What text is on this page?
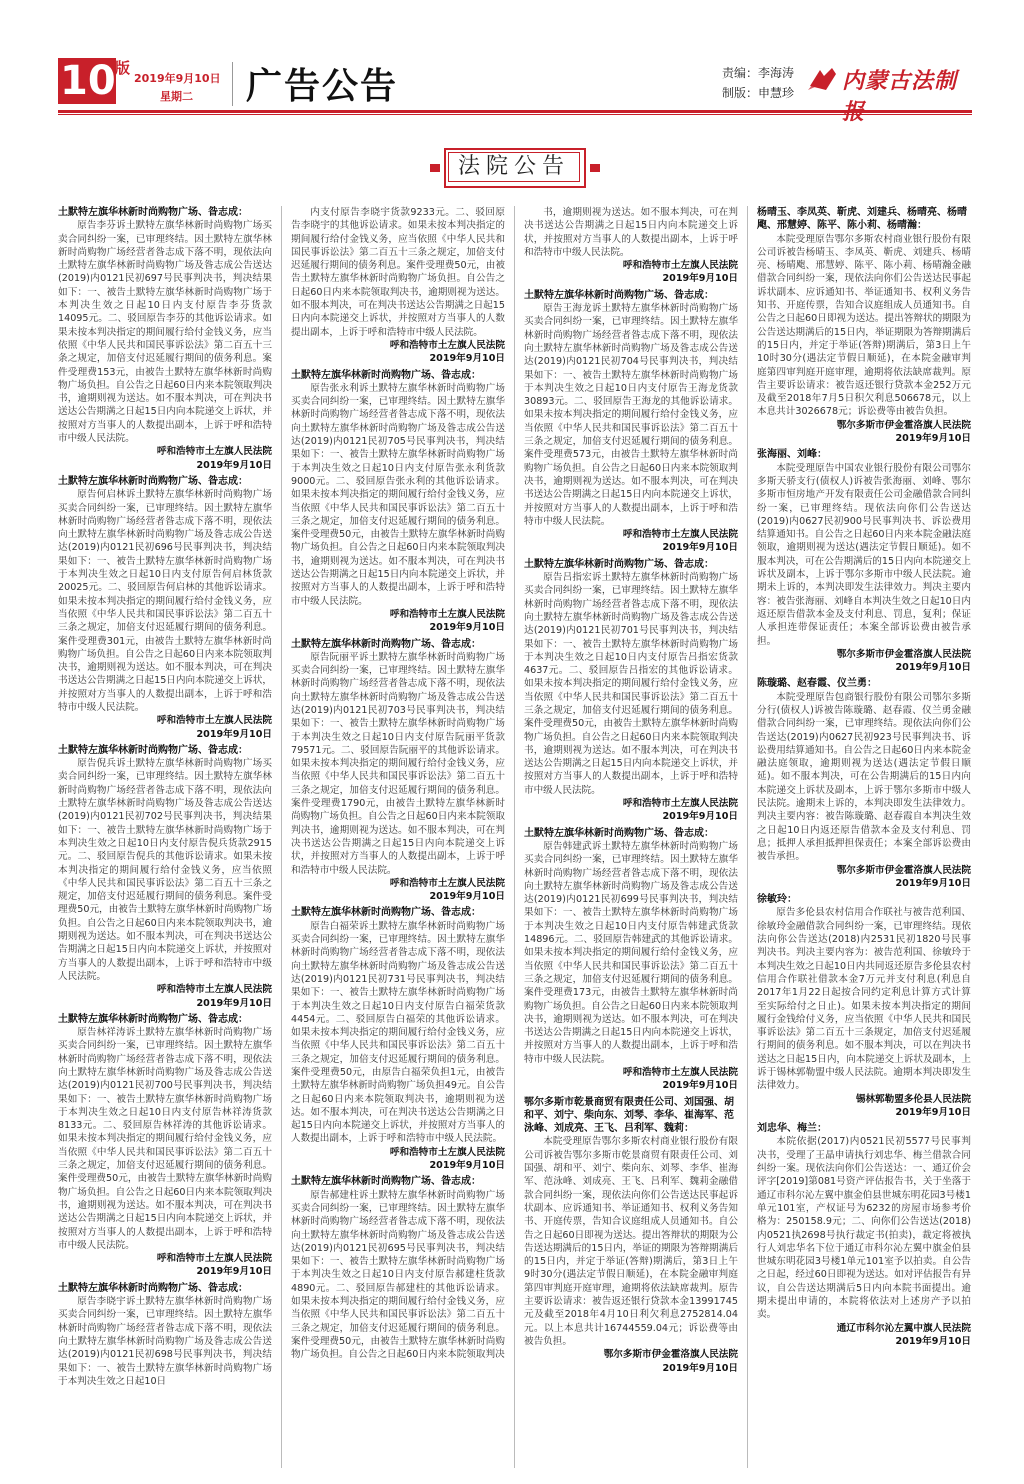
10
版
2019年9月10日
星期二 广告公告	责编：李海涛
制版：申慧珍 内蒙古法制报
法院公告
土默特左旗华林新时尚购物广场、昝志成：

原告李芬诉土默特左旗华林新时尚购物广场买卖合同纠纷一案，已审理终结。因土默特左旗华林新时尚购物广场经营者昝志成下落不明，现依法向土默特左旗华林新时尚购物广场及昝志成公告送达(2019)内0121民初697号民事判决书，判决结果如下：一、被告土默特左旗华林新时尚购物广场于本判决生效之日起10日内支付原告李芬货款14095元。二、驳回原告李芬的其他诉讼请求。如果未按本判决指定的期间履行给付金钱义务，应当依照《中华人民共和国民事诉讼法》第二百五十三条之规定，加倍支付迟延履行期间的债务利息。案件受理费153元，由被告土默特左旗华林新时尚购物广场负担。自公告之日起60日内来本院领取判决书，逾期则视为送达。如不服本判决，可在判决书送达公告期满之日起15日内向本院递交上诉状，并按照对方当事人的人数提出副本，上诉于呼和浩特市中级人民法院。

呼和浩特市土左旗人民法院

2019年9月10日

土默特左旗华林新时尚购物广场、昝志成：

原告何启林诉土默特左旗华林新时尚购物广场买卖合同纠纷一案，已审理终结。因土默特左旗华林新时尚购物广场经营者昝志成下落不明，现依法向土默特左旗华林新时尚购物广场及昝志成公告送达(2019)内0121民初696号民事判决书，判决结果如下：一、被告土默特左旗华林新时尚购物广场于本判决生效之日起10日内支付原告何启林货款20025元。二、驳回原告何启林的其他诉讼请求。如果未按本判决指定的期间履行给付金钱义务，应当依照《中华人民共和国民事诉讼法》第二百五十三条之规定，加倍支付迟延履行期间的债务利息。案件受理费301元，由被告土默特左旗华林新时尚购物广场负担。自公告之日起60日内来本院领取判决书，逾期则视为送达。如不服本判决，可在判决书送达公告期满之日起15日内向本院递交上诉状，并按照对方当事人的人数提出副本，上诉于呼和浩特市中级人民法院。

呼和浩特市土左旗人民法院

2019年9月10日

土默特左旗华林新时尚购物广场、昝志成：

原告倪兵诉土默特左旗华林新时尚购物广场买卖合同纠纷一案，已审理终结。因土默特左旗华林新时尚购物广场经营者昝志成下落不明，现依法向土默特左旗华林新时尚购物广场及昝志成公告送达(2019)内0121民初702号民事判决书，判决结果如下：一、被告土默特左旗华林新时尚购物广场于本判决生效之日起10日内支付原告倪兵货款2915元。二、驳回原告倪兵的其他诉讼请求。如果未按本判决指定的期间履行给付金钱义务，应当依照《中华人民共和国民事诉讼法》第二百五十三条之规定，加倍支付迟延履行期间的债务利息。案件受理费50元，由被告土默特左旗华林新时尚购物广场负担。自公告之日起60日内来本院领取判决书，逾期则视为送达。如不服本判决，可在判决书送达公告期满之日起15日内向本院递交上诉状，并按照对方当事人的人数提出副本，上诉于呼和浩特市中级人民法院。

呼和浩特市土左旗人民法院

2019年9月10日

土默特左旗华林新时尚购物广场、昝志成：

原告林祥涛诉土默特左旗华林新时尚购物广场买卖合同纠纷一案，已审理终结。因土默特左旗华林新时尚购物广场经营者昝志成下落不明，现依法向土默特左旗华林新时尚购物广场及昝志成公告送达(2019)内0121民初700号民事判决书，判决结果如下：一、被告土默特左旗华林新时尚购物广场于本判决生效之日起10日内支付原告林祥涛货款8133元。二、驳回原告林祥涛的其他诉讼请求。如果未按本判决指定的期间履行给付金钱义务，应当依照《中华人民共和国民事诉讼法》第二百五十三条之规定，加倍支付迟延履行期间的债务利息。案件受理费50元，由被告土默特左旗华林新时尚购物广场负担。自公告之日起60日内来本院领取判决书，逾期则视为送达。如不服本判决，可在判决书送达公告期满之日起15日内向本院递交上诉状，并按照对方当事人的人数提出副本，上诉于呼和浩特市中级人民法院。

呼和浩特市土左旗人民法院

2019年9月10日

土默特左旗华林新时尚购物广场、昝志成：

原告李晓宇诉土默特左旗华林新时尚购物广场买卖合同纠纷一案，已审理终结。因土默特左旗华林新时尚购物广场经营者昝志成下落不明，现依法向土默特左旗华林新时尚购物广场及昝志成公告送达(2019)内0121民初698号民事判决书，判决结果如下：一、被告土默特左旗华林新时尚购物广场于本判决生效之日起10日

内支付原告李晓宇货款9233元。二、驳回原告李晓宇的其他诉讼请求。如果未按本判决指定的期间履行给付金钱义务，应当依照《中华人民共和国民事诉讼法》第二百五十三条之规定，加倍支付迟延履行期间的债务利息。案件受理费50元，由被告土默特左旗华林新时尚购物广场负担。自公告之日起60日内来本院领取判决书，逾期则视为送达。如不服本判决，可在判决书送达公告期满之日起15日内向本院递交上诉状，并按照对方当事人的人数提出副本，上诉于呼和浩特市中级人民法院。

呼和浩特市土左旗人民法院

2019年9月10日

土默特左旗华林新时尚购物广场、昝志成：

原告张永利诉土默特左旗华林新时尚购物广场买卖合同纠纷一案，已审理终结。因土默特左旗华林新时尚购物广场经营者昝志成下落不明，现依法向土默特左旗华林新时尚购物广场及昝志成公告送达(2019)内0121民初705号民事判决书，判决结果如下：一、被告土默特左旗华林新时尚购物广场于本判决生效之日起10日内支付原告张永利货款9000元。二、驳回原告张永利的其他诉讼请求。如果未按本判决指定的期间履行给付金钱义务，应当依照《中华人民共和国民事诉讼法》第二百五十三条之规定，加倍支付迟延履行期间的债务利息。案件受理费50元，由被告土默特左旗华林新时尚购物广场负担。自公告之日起60日内来本院领取判决书，逾期则视为送达。如不服本判决，可在判决书送达公告期满之日起15日内向本院递交上诉状，并按照对方当事人的人数提出副本，上诉于呼和浩特市中级人民法院。

呼和浩特市土左旗人民法院

2019年9月10日

土默特左旗华林新时尚购物广场、昝志成：

原告阮丽平诉土默特左旗华林新时尚购物广场买卖合同纠纷一案，已审理终结。因土默特左旗华林新时尚购物广场经营者昝志成下落不明，现依法向土默特左旗华林新时尚购物广场及昝志成公告送达(2019)内0121民初703号民事判决书，判决结果如下：一、被告土默特左旗华林新时尚购物广场于本判决生效之日起10日内支付原告阮丽平货款79571元。二、驳回原告阮丽平的其他诉讼请求。如果未按本判决指定的期间履行给付金钱义务，应当依照《中华人民共和国民事诉讼法》第二百五十三条之规定，加倍支付迟延履行期间的债务利息。案件受理费1790元，由被告土默特左旗华林新时尚购物广场负担。自公告之日起60日内来本院领取判决书，逾期则视为送达。如不服本判决，可在判决书送达公告期满之日起15日内向本院递交上诉状，并按照对方当事人的人数提出副本，上诉于呼和浩特市中级人民法院。

呼和浩特市土左旗人民法院

2019年9月10日

土默特左旗华林新时尚购物广场、昝志成：

原告白福荣诉土默特左旗华林新时尚购物广场买卖合同纠纷一案，已审理终结。因土默特左旗华林新时尚购物广场经营者昝志成下落不明，现依法向土默特左旗华林新时尚购物广场及昝志成公告送达(2019)内0121民初731号民事判决书，判决结果如下：一、被告土默特左旗华林新时尚购物广场于本判决生效之日起10日内支付原告白福荣货款4454元。二、驳回原告白福荣的其他诉讼请求。如果未按本判决指定的期间履行给付金钱义务，应当依照《中华人民共和国民事诉讼法》第二百五十三条之规定，加倍支付迟延履行期间的债务利息。案件受理费50元，由原告白福荣负担1元，由被告土默特左旗华林新时尚购物广场负担49元。自公告之日起60日内来本院领取判决书，逾期则视为送达。如不服本判决，可在判决书送达公告期满之日起15日内向本院递交上诉状，并按照对方当事人的人数提出副本，上诉于呼和浩特市中级人民法院。

呼和浩特市土左旗人民法院

2019年9月10日

土默特左旗华林新时尚购物广场、昝志成：

原告郝建柱诉土默特左旗华林新时尚购物广场买卖合同纠纷一案，已审理终结。因土默特左旗华林新时尚购物广场经营者昝志成下落不明，现依法向土默特左旗华林新时尚购物广场及昝志成公告送达(2019)内0121民初695号民事判决书，判决结果如下：一、被告土默特左旗华林新时尚购物广场于本判决生效之日起10日内支付原告郝建柱货款4890元。二、驳回原告郝建柱的其他诉讼请求。如果未按本判决指定的期间履行给付金钱义务，应当依照《中华人民共和国民事诉讼法》第二百五十三条之规定，加倍支付迟延履行期间的债务利息。案件受理费50元，由被告土默特左旗华林新时尚购物广场负担。自公告之日起60日内来本院领取判决

书，逾期则视为送达。如不服本判决，可在判决书送达公告期满之日起15日内向本院递交上诉状，并按照对方当事人的人数提出副本，上诉于呼和浩特市中级人民法院。

呼和浩特市土左旗人民法院

2019年9月10日

土默特左旗华林新时尚购物广场、昝志成：

原告王海龙诉土默特左旗华林新时尚购物广场买卖合同纠纷一案，已审理终结。因土默特左旗华林新时尚购物广场经营者昝志成下落不明，现依法向土默特左旗华林新时尚购物广场及昝志成公告送达(2019)内0121民初704号民事判决书，判决结果如下：一、被告土默特左旗华林新时尚购物广场于本判决生效之日起10日内支付原告王海龙货款30893元。二、驳回原告王海龙的其他诉讼请求。如果未按本判决指定的期间履行给付金钱义务，应当依照《中华人民共和国民事诉讼法》第二百五十三条之规定，加倍支付迟延履行期间的债务利息。案件受理费573元，由被告土默特左旗华林新时尚购物广场负担。自公告之日起60日内来本院领取判决书，逾期则视为送达。如不服本判决，可在判决书送达公告期满之日起15日内向本院递交上诉状，并按照对方当事人的人数提出副本，上诉于呼和浩特市中级人民法院。

呼和浩特市土左旗人民法院

2019年9月10日

土默特左旗华林新时尚购物广场、昝志成：

原告吕指宏诉土默特左旗华林新时尚购物广场买卖合同纠纷一案，已审理终结。因土默特左旗华林新时尚购物广场经营者昝志成下落不明，现依法向土默特左旗华林新时尚购物广场及昝志成公告送达(2019)内0121民初701号民事判决书，判决结果如下：一、被告土默特左旗华林新时尚购物广场于本判决生效之日起10日内支付原告吕指宏货款4637元。二、驳回原告吕指宏的其他诉讼请求。如果未按本判决指定的期间履行给付金钱义务，应当依照《中华人民共和国民事诉讼法》第二百五十三条之规定，加倍支付迟延履行期间的债务利息。案件受理费50元，由被告土默特左旗华林新时尚购物广场负担。自公告之日起60日内来本院领取判决书，逾期则视为送达。如不服本判决，可在判决书送达公告期满之日起15日内向本院递交上诉状，并按照对方当事人的人数提出副本，上诉于呼和浩特市中级人民法院。

呼和浩特市土左旗人民法院

2019年9月10日

土默特左旗华林新时尚购物广场、昝志成：

原告韩建武诉土默特左旗华林新时尚购物广场买卖合同纠纷一案，已审理终结。因土默特左旗华林新时尚购物广场经营者昝志成下落不明，现依法向土默特左旗华林新时尚购物广场及昝志成公告送达(2019)内0121民初699号民事判决书，判决结果如下：一、被告土默特左旗华林新时尚购物广场于本判决生效之日起10日内支付原告韩建武货款14896元。二、驳回原告韩建武的其他诉讼请求。如果未按本判决指定的期间履行给付金钱义务，应当依照《中华人民共和国民事诉讼法》第二百五十三条之规定，加倍支付迟延履行期间的债务利息。案件受理费173元，由被告土默特左旗华林新时尚购物广场负担。自公告之日起60日内来本院领取判决书，逾期则视为送达。如不服本判决，可在判决书送达公告期满之日起15日内向本院递交上诉状，并按照对方当事人的人数提出副本，上诉于呼和浩特市中级人民法院。

呼和浩特市土左旗人民法院

2019年9月10日

鄂尔多斯市乾景商贸有限责任公司、刘国强、胡和平、刘宁、柴向东、刘琴、李华、崔海军、范泳峰、刘成亮、王飞、吕利军、魏莉：

本院受理原告鄂尔多斯农村商业银行股份有限公司诉被告鄂尔多斯市乾景商贸有限责任公司、刘国强、胡和平、刘宁、柴向东、刘琴、李华、崔海军、范泳峰、刘成亮、王飞、吕利军、魏莉金融借款合同纠纷一案，现依法向你们公告送达民事起诉状副本、应诉通知书、举证通知书、权利义务告知书、开庭传票，告知合议庭组成人员通知书。自公告之日起60日即视为送达。提出答辩状的期限为公告送达期满后的15日内，举证的期限为答辩期满后的15日内，并定于举证(答辩)期满后，第3日上午9时30分(遇法定节假日顺延)，在本院金融审判庭第四审判庭开庭审理，逾期将依法缺席裁判。原告主要诉讼请求：被告返还银行贷款本金13991745元及截至2018年4月10日利欠利息2752814.04元。以上本息共计16744559.04元；诉讼费等由被告负担。

鄂尔多斯市伊金霍洛旗人民法院

2019年9月10日

杨晴玉、李凤英、靳虎、刘建兵、杨晴亮、杨晴飑、邢慧婷、陈平、陈小莉、杨晴瀚：

本院受理原告鄂尔多斯农村商业银行股份有限公司诉被告杨晴玉、李凤英、靳虎、刘建兵、杨晴亮、杨晴飑、邢慧婷、陈平、陈小莉、杨晴瀚金融借款合同纠纷一案，现依法向你们公告送达民事起诉状副本、应诉通知书、举证通知书、权利义务告知书、开庭传票，告知合议庭组成人员通知书。自公告之日起60日即视为送达。提出答辩状的期限为公告送达期满后的15日内，举证期限为答辩期满后的15日内，并定于举证(答辩)期满后，第3日上午10时30分(遇法定节假日顺延)，在本院金融审判庭第四审判庭开庭审理，逾期将依法缺席裁判。原告主要诉讼请求：被告返还银行贷款本金252万元及截至2018年7月5日积欠利息506678元，以上本息共计3026678元；诉讼费等由被告负担。

鄂尔多斯市伊金霍洛旗人民法院

2019年9月10日

张海丽、刘峰：

本院受理原告中国农业银行股份有限公司鄂尔多斯天骄支行(债权人)诉被告张海丽、刘峰、鄂尔多斯市恒房地产开发有限责任公司金融借款合同纠纷一案，已审理终结。现依法向你们公告送达(2019)内0627民初900号民事判决书、诉讼费用结算通知书。自公告之日起60日内来本院金融法庭领取，逾期则视为送达(遇法定节假日顺延)。如不服本判决，可在公告期满后的15日内向本院递交上诉状及副本，上诉于鄂尔多斯市中级人民法院。逾期未上诉的，本判决即发生法律效力。判决主要内容：被告张海丽、刘峰自本判决生效之日起10日内返还原告借款本金及支付利息、罚息，复利；保证人承担连带保证责任；本案全部诉讼费由被告承担。

鄂尔多斯市伊金霍洛旗人民法院

2019年9月10日

陈璇璐、赵春霞、仪兰勇：

本院受理原告包商银行股份有限公司鄂尔多斯分行(债权人)诉被告陈璇璐、赵春霞、仪兰勇金融借款合同纠纷一案，已审理终结。现依法向你们公告送达(2019)内0627民初923号民事判决书、诉讼费用结算通知书。自公告之日起60日内来本院金融法庭领取，逾期则视为送达(遇法定节假日顺延)。如不服本判决，可在公告期满后的15日内向本院递交上诉状及副本，上诉于鄂尔多斯市中级人民法院。逾期未上诉的，本判决即发生法律效力。判决主要内容：被告陈璇璐、赵春霞自本判决生效之日起10日内返还原告借款本金及支付利息、罚息；抵押人承担抵押担保责任；本案全部诉讼费由被告承担。

鄂尔多斯市伊金霍洛旗人民法院

2019年9月10日

徐敏玲：

原告多伦县农村信用合作联社与被告范利国、徐敏玲金融借款合同纠纷一案，已审理终结。现依法向你公告送达(2018)内2531民初1820号民事判决书。判决主要内容为：被告范利国、徐敏玲于本判决生效之日起10日内共同返还原告多伦县农村信用合作联社借款本金7万元并支付利息(利息自2017年1月22日起按合同约定利息计算方式计算至实际给付之日止)。如果未按本判决指定的期间履行金钱给付义务，应当依照《中华人民共和国民事诉讼法》第二百五十三条规定，加倍支付迟延履行期间的债务利息。如不服本判决，可以在判决书送达之日起15日内，向本院递交上诉状及副本，上诉于锡林郭勒盟中级人民法院。逾期本判决即发生法律效力。

锡林郭勒盟多伦县人民法院

2019年9月10日

刘忠华、梅兰：

本院依据(2017)内0521民初5577号民事判决书，受理了王晶申请执行刘忠华、梅兰借款合同纠纷一案。现依法向你们公告送达：一、通辽价会评字[2019]第081号资产评估报告书，关于坐落于通辽市科尔沁左翼中旗金伯县世城东明花园3号楼1单元101室，产权证号为6232的房屋市场参考价格为：250158.9元；二、向你们公告送达(2018)内0521执2698号执行裁定书(拍卖)，裁定将被执行人刘忠华名下位于通辽市科尔沁左翼中旗金伯县世城东明花园3号楼1单元101室予以拍卖。自公告之日起，经过60日即视为送达。如对评估报告有异议，自公告送达期满后5日内向本院书面提出。逾期未提出申请的，本院将依法对上述房产予以拍卖。

通辽市科尔沁左翼中旗人民法院

2019年9月10日
